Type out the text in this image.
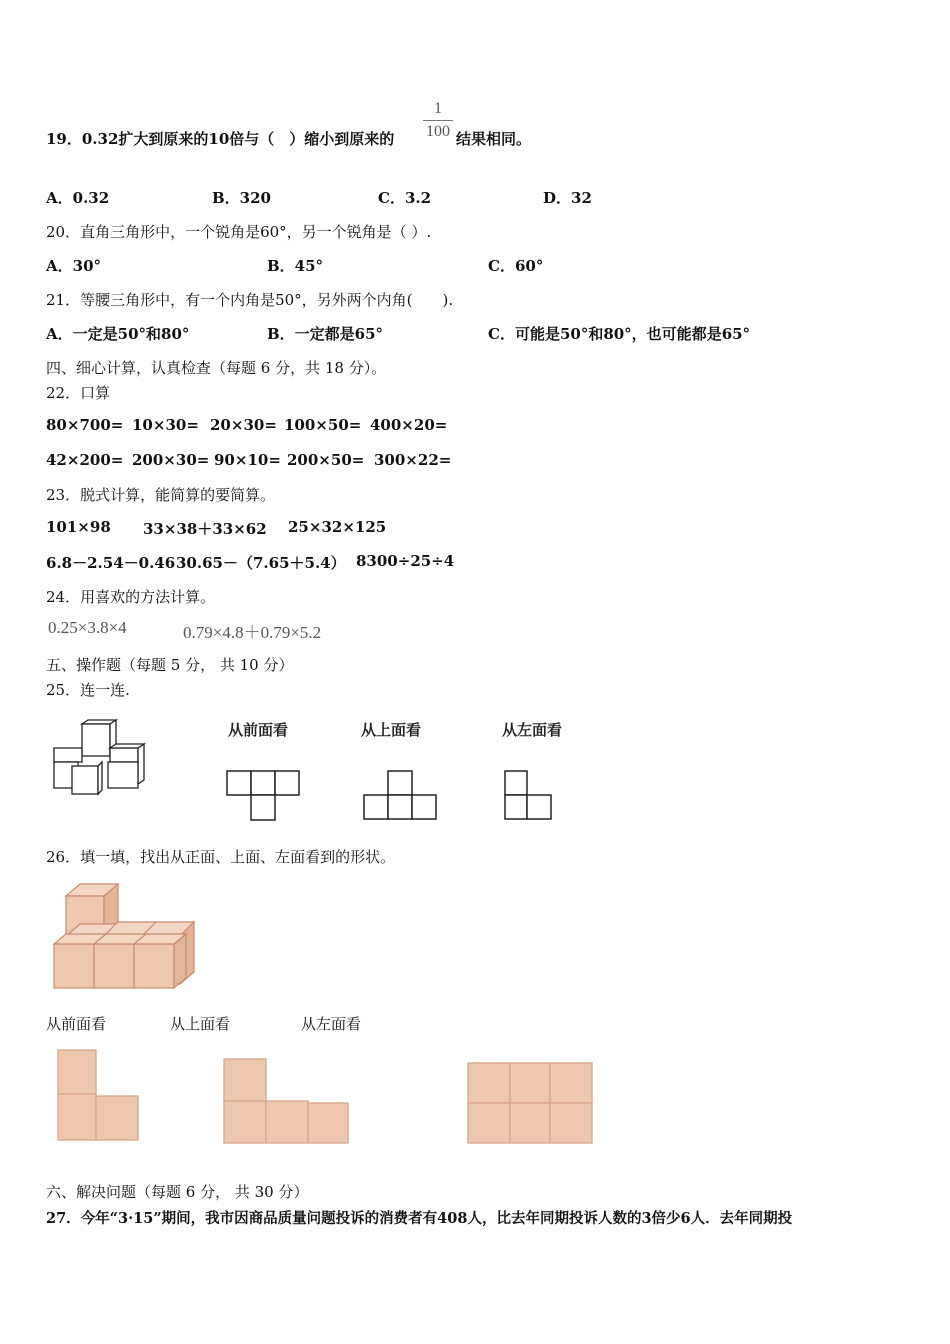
19．0.32扩大到原来的10倍与（　）缩小到原来的
1
100 结果相同。
A．0.32	B．320	C．3.2	D．32
20．直角三角形中，一个锐角是60°，另一个锐角是（ ）.
A．30°	B．45°	C．60°
21．等腰三角形中，有一个内角是50°，另外两个内角(　　).
A．一定是50°和80°	B．一定都是65°	C．可能是50°和80°，也可能都是65°
四、细心计算，认真检查（每题 6 分，共 18 分）。
22．口算
80×700= 10×30= 20×30= 100×50= 400×20=
42×200= 200×30= 90×10= 200×50= 300×22=
23．脱式计算，能简算的要简算。
101×98 33×38＋33×62 25×32×125
6.8－2.54－0.46 30.65－（7.65＋5.4） 8300÷25÷4
24．用喜欢的方法计算。
0.25×3.8×4	0.79×4.8＋0.79×5.2
五、操作题（每题 5 分， 共 10 分）
25．连一连.
从前面看	从上面看	从左面看
26．填一填，找出从正面、上面、左面看到的形状。
从前面看	从上面看	从左面看
六、解决问题（每题 6 分， 共 30 分）
27．今年“3·15”期间，我市因商品质量问题投诉的消费者有408人，比去年同期投诉人数的3倍少6人．去年同期投
